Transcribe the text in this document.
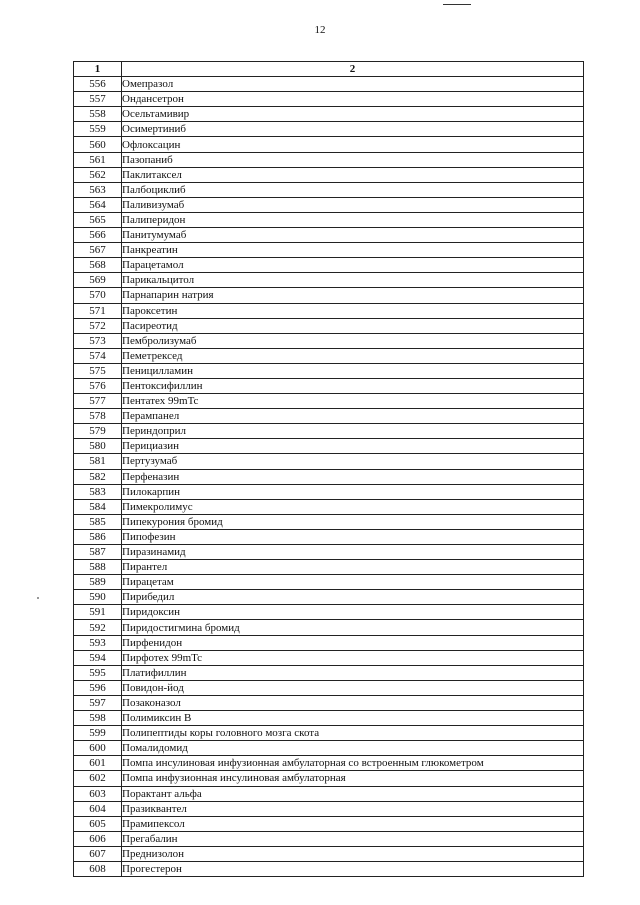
12
1	2
556	Омепразол
557	Ондансетрон
558	Осельтамивир
559	Осимертиниб
560	Офлоксацин
561	Пазопаниб
562	Паклитаксел
563	Палбоциклиб
564	Паливизумаб
565	Палиперидон
566	Панитумумаб
567	Панкреатин
568	Парацетамол
569	Парикальцитол
570	Парнапарин натрия
571	Пароксетин
572	Пасиреотид
573	Пембролизумаб
574	Пеметрексед
575	Пеницилламин
576	Пентоксифиллин
577	Пентатех 99mTc
578	Перампанел
579	Периндоприл
580	Перициазин
581	Пертузумаб
582	Перфеназин
583	Пилокарпин
584	Пимекролимус
585	Пипекурония бромид
586	Пипофезин
587	Пиразинамид
588	Пирантел
589	Пирацетам
590	Пирибедил
591	Пиридоксин
592	Пиридостигмина бромид
593	Пирфенидон
594	Пирфотех 99mTc
595	Платифиллин
596	Повидон-йод
597	Позаконазол
598	Полимиксин В
599	Полипептиды коры головного мозга скота
600	Помалидомид
601	Помпа инсулиновая инфузионная амбулаторная со встроенным глюкометром
602	Помпа инфузионная инсулиновая амбулаторная
603	Порактант альфа
604	Празиквантел
605	Прамипексол
606	Прегабалин
607	Преднизолон
608	Прогестерон
